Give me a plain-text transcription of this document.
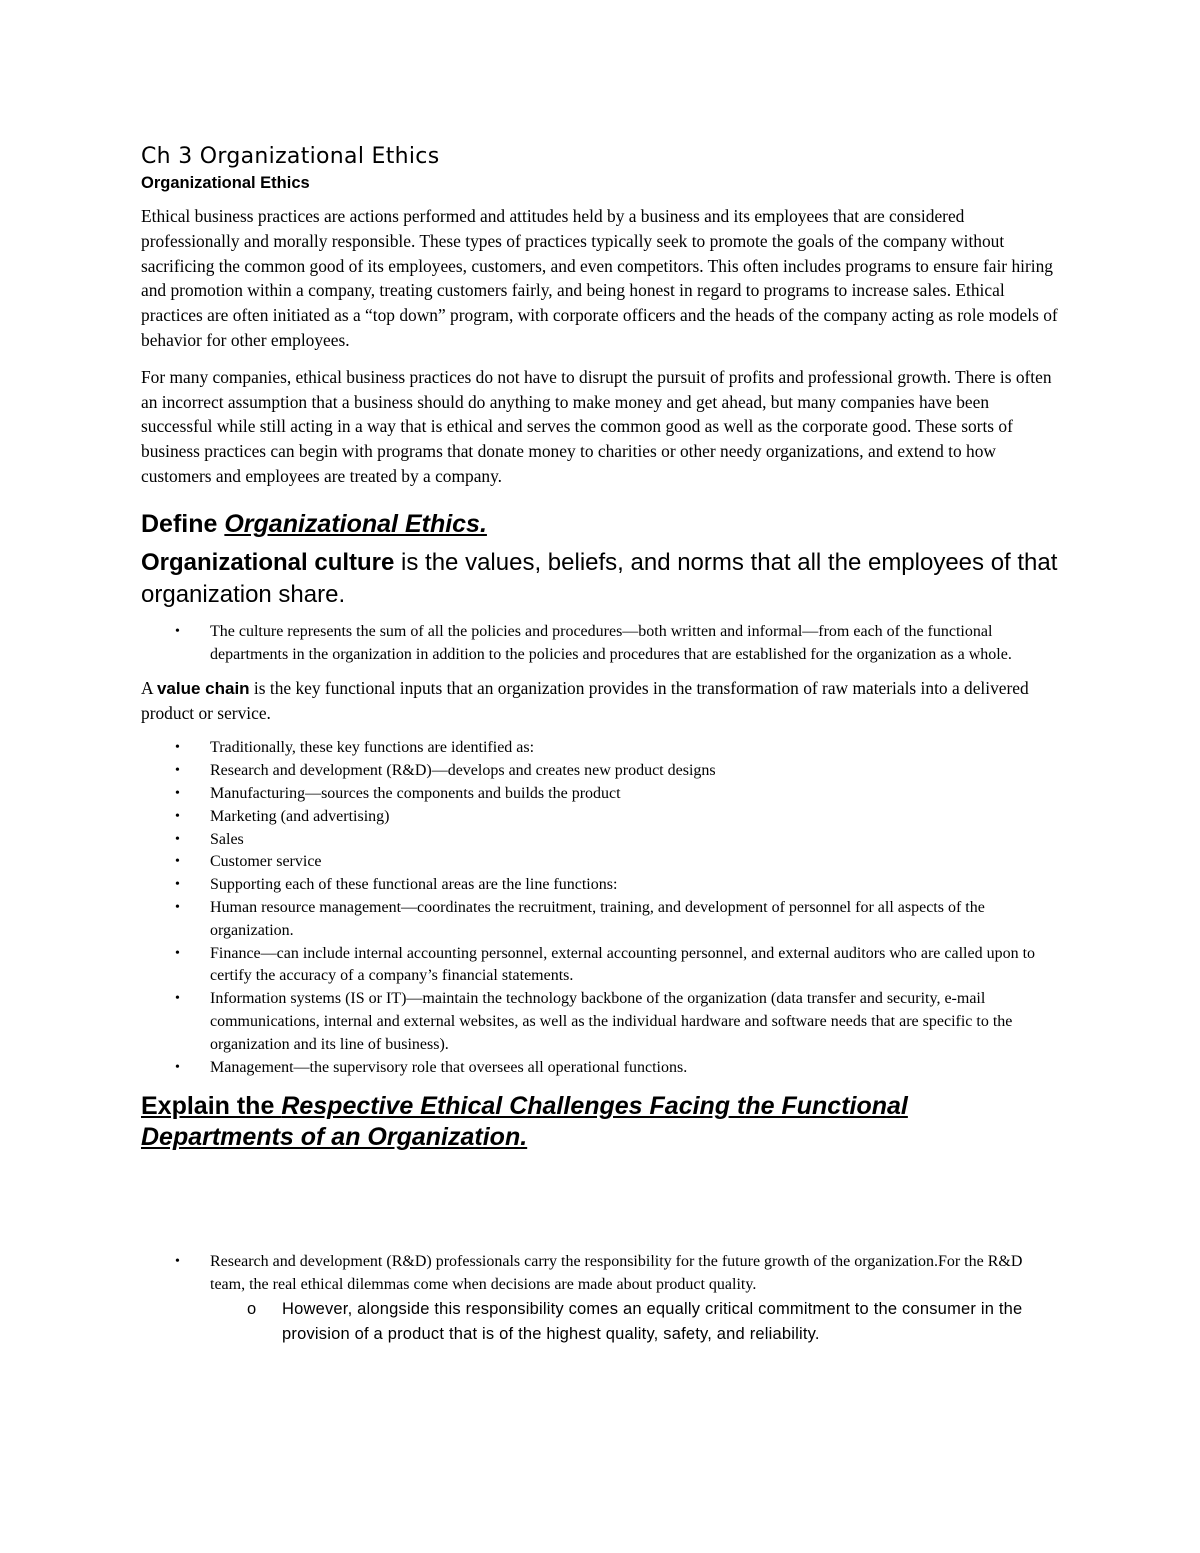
Ch 3 Organizational Ethics
Organizational Ethics

Ethical business practices are actions performed and attitudes held by a business and its employees that are considered professionally and morally responsible. These types of practices typically seek to promote the goals of the company without sacrificing the common good of its employees, customers, and even competitors. This often includes programs to ensure fair hiring and promotion within a company, treating customers fairly, and being honest in regard to programs to increase sales. Ethical practices are often initiated as a “top down” program, with corporate officers and the heads of the company acting as role models of behavior for other employees.

For many companies, ethical business practices do not have to disrupt the pursuit of profits and professional growth. There is often an incorrect assumption that a business should do anything to make money and get ahead, but many companies have been successful while still acting in a way that is ethical and serves the common good as well as the corporate good. These sorts of business practices can begin with programs that donate money to charities or other needy organizations, and extend to how customers and employees are treated by a company.

Define Organizational Ethics.

Organizational culture is the values, beliefs, and norms that all the employees of that organization share.

• The culture represents the sum of all the policies and procedures—both written and informal—from each of the functional departments in the organization in addition to the policies and procedures that are established for the organization as a whole.

A value chain is the key functional inputs that an organization provides in the transformation of raw materials into a delivered product or service.

• Traditionally, these key functions are identified as:
• Research and development (R&D)—develops and creates new product designs
• Manufacturing—sources the components and builds the product
• Marketing (and advertising)
• Sales
• Customer service
• Supporting each of these functional areas are the line functions:
• Human resource management—coordinates the recruitment, training, and development of personnel for all aspects of the organization.
• Finance—can include internal accounting personnel, external accounting personnel, and external auditors who are called upon to certify the accuracy of a company’s financial statements.
• Information systems (IS or IT)—maintain the technology backbone of the organization (data transfer and security, e-mail communications, internal and external websites, as well as the individual hardware and software needs that are specific to the organization and its line of business).
• Management—the supervisory role that oversees all operational functions.
Explain the Respective Ethical Challenges Facing the Functional Departments of an Organization.
• Research and development (R&D) professionals carry the responsibility for the future growth of the organization.For the R&D team, the real ethical dilemmas come when decisions are made about product quality.
o However, alongside this responsibility comes an equally critical commitment to the consumer in the provision of a product that is of the highest quality, safety, and reliability.
